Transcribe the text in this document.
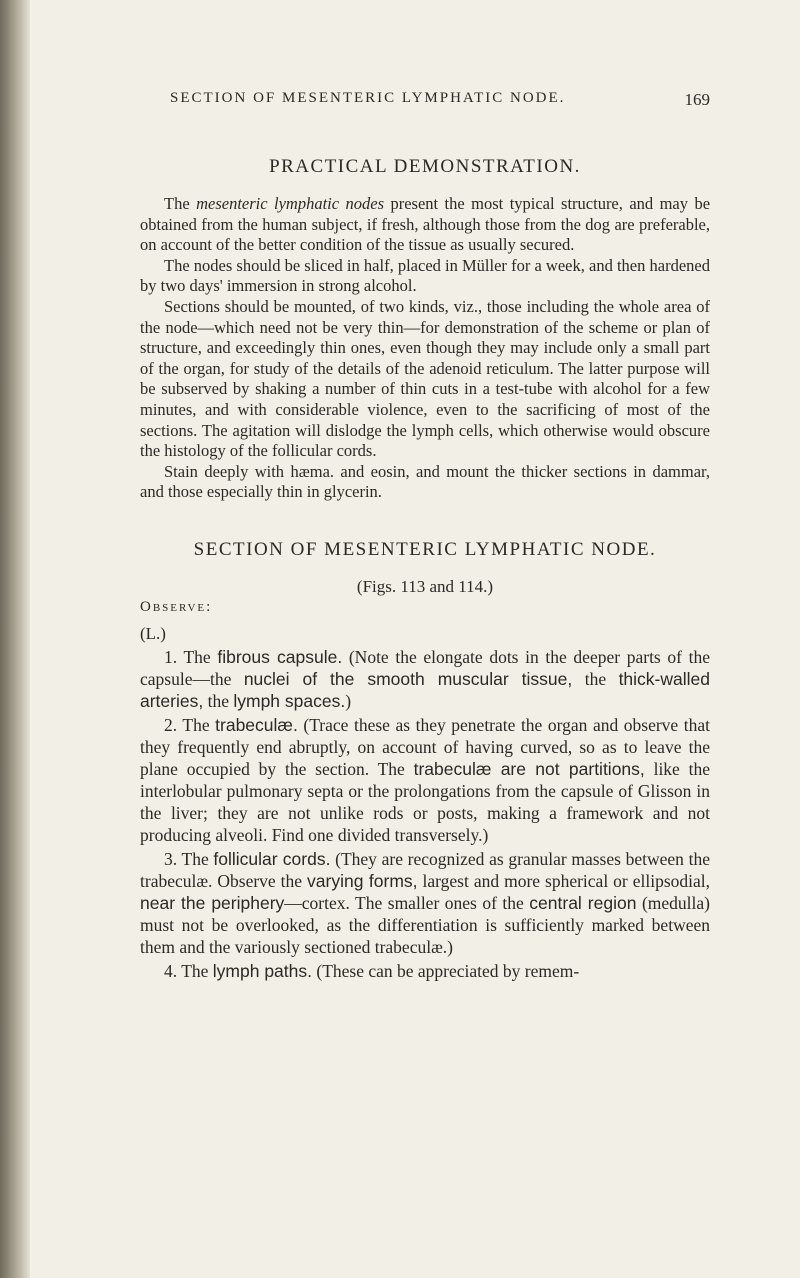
SECTION OF MESENTERIC LYMPHATIC NODE.	169
PRACTICAL DEMONSTRATION.

The mesenteric lymphatic nodes present the most typical structure, and may be obtained from the human subject, if fresh, although those from the dog are preferable, on account of the better condition of the tissue as usually secured.

The nodes should be sliced in half, placed in Müller for a week, and then hardened by two days' immersion in strong alcohol.

Sections should be mounted, of two kinds, viz., those including the whole area of the node—which need not be very thin—for demonstration of the scheme or plan of structure, and exceedingly thin ones, even though they may include only a small part of the organ, for study of the details of the adenoid reticulum. The latter purpose will be subserved by shaking a number of thin cuts in a test-tube with alcohol for a few minutes, and with considerable violence, even to the sacrificing of most of the sections. The agitation will dislodge the lymph cells, which otherwise would obscure the histology of the follicular cords.

Stain deeply with hæma. and eosin, and mount the thicker sections in dammar, and those especially thin in glycerin.

SECTION OF MESENTERIC LYMPHATIC NODE.

(Figs. 113 and 114.)

Observe:

(L.)

1. The fibrous capsule. (Note the elongate dots in the deeper parts of the capsule—the nuclei of the smooth muscular tissue, the thick-walled arteries, the lymph spaces.)

2. The trabeculæ. (Trace these as they penetrate the organ and observe that they frequently end abruptly, on account of having curved, so as to leave the plane occupied by the section. The trabeculæ are not partitions, like the interlobular pulmonary septa or the prolongations from the capsule of Glisson in the liver; they are not unlike rods or posts, making a framework and not producing alveoli. Find one divided transversely.)

3. The follicular cords. (They are recognized as granular masses between the trabeculæ. Observe the varying forms, largest and more spherical or ellipsodial, near the periphery—cortex. The smaller ones of the central region (medulla) must not be overlooked, as the differentiation is sufficiently marked between them and the variously sectioned trabeculæ.)

4. The lymph paths. (These can be appreciated by remem-
